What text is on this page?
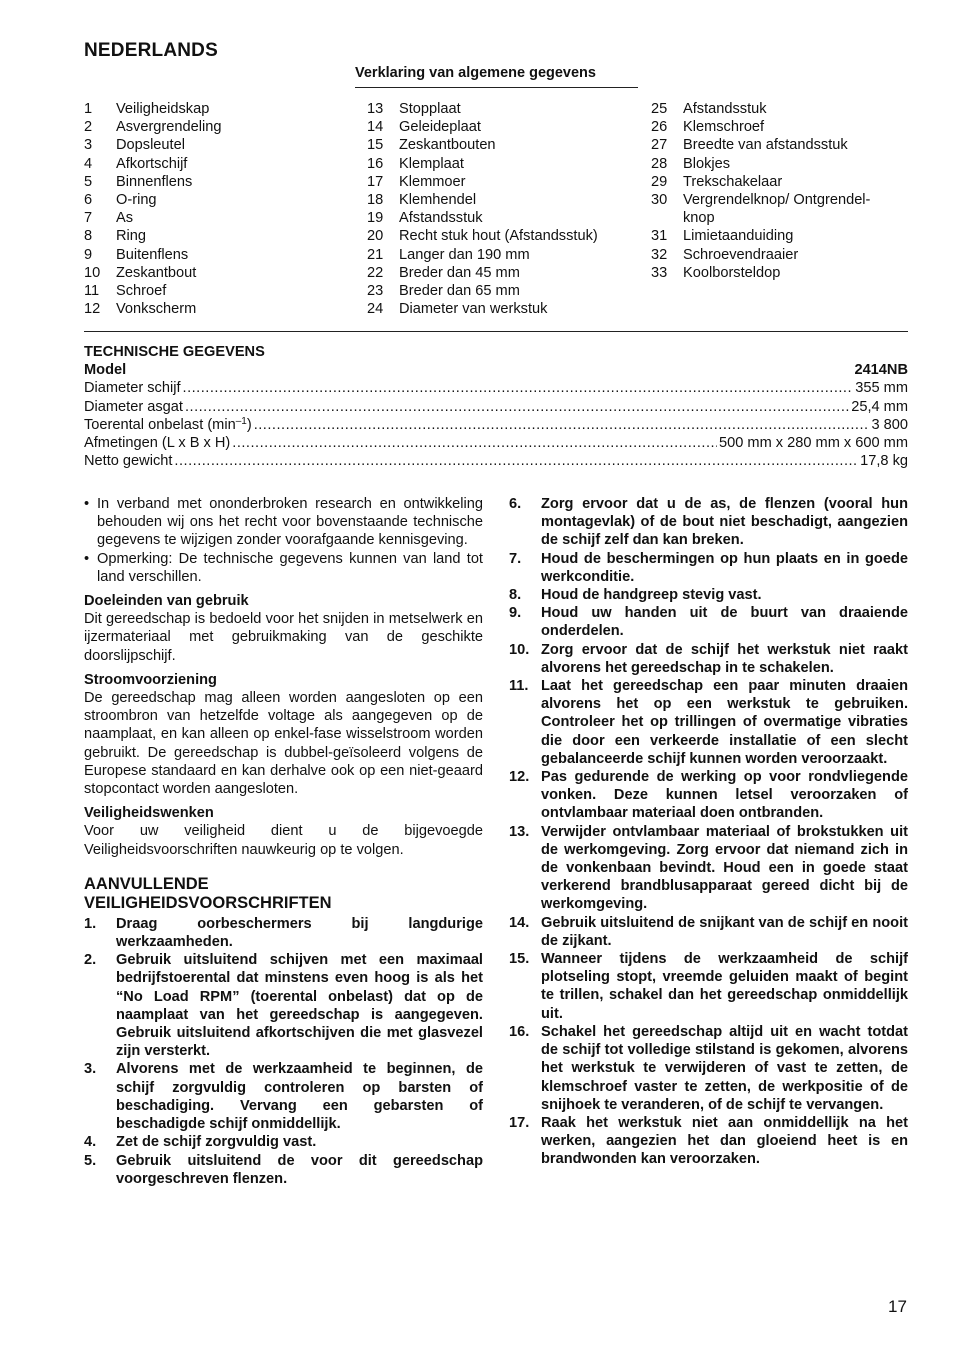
NEDERLANDS
Verklaring van algemene gegevens
1	Veiligheidskap
2	Asvergrendeling
3	Dopsleutel
4	Afkortschijf
5	Binnenflens
6	O-ring
7	As
8	Ring
9	Buitenflens
10	Zeskantbout
11	Schroef
12	Vonkscherm
13	Stopplaat
14	Geleideplaat
15	Zeskantbouten
16	Klemplaat
17	Klemmoer
18	Klemhendel
19	Afstandsstuk
20	Recht stuk hout (Afstandsstuk)
21	Langer dan 190 mm
22	Breder dan 45 mm
23	Breder dan 65 mm
24	Diameter van werkstuk
25	Afstandsstuk
26	Klemschroef
27	Breedte van afstandsstuk
28	Blokjes
29	Trekschakelaar
30	Vergrendelknop/ Ontgrendel-knop
31	Limietaanduiding
32	Schroevendraaier
33	Koolborsteldop
TECHNISCHE GEGEVENS
Model	2414NB
Diameter schijf .....	355 mm
Diameter asgat .....	25,4 mm
Toerental onbelast $(\min^{-1})$ .....	3 800
Afmetingen (L x B x H) .....	500 mm x 280 mm x 600 mm
Netto gewicht .....	17,8 kg
• In verband met ononderbroken research en ontwikkeling behouden wij ons het recht voor bovenstaande technische gegevens te wijzigen zonder voorafgaande kennisgeving.
• Opmerking: De technische gegevens kunnen van land tot land verschillen.
Doeleinden van gebruik

Dit gereedschap is bedoeld voor het snijden in metselwerk en ijzermateriaal met gebruikmaking van de geschikte doorslijpschijf.

Stroomvoorziening

De gereedschap mag alleen worden aangesloten op een stroombron van hetzelfde voltage als aangegeven op de naamplaat, en kan alleen op enkel-fase wisselstroom worden gebruikt. De gereedschap is dubbel-geïsoleerd volgens de Europese standaard en kan derhalve ook op een niet-geaard stopcontact worden aangesloten.

Veiligheidswenken

Voor uw veiligheid dient u de bijgevoegde Veiligheidsvoorschriften nauwkeurig op te volgen.

AANVULLENDE
VEILIGHEIDSVOORSCHRIFTEN
1.	Draag oorbeschermers bij langdurige werkzaamheden.
2.	Gebruik uitsluitend schijven met een maximaal bedrijfstoerental dat minstens even hoog is als het “No Load RPM” (toerental onbelast) dat op de naamplaat van het gereedschap is aangegeven. Gebruik uitsluitend afkortschijven die met glasvezel zijn versterkt.
3.	Alvorens met de werkzaamheid te beginnen, de schijf zorgvuldig controleren op barsten of beschadiging. Vervang een gebarsten of beschadigde schijf onmiddellijk.
4.	Zet de schijf zorgvuldig vast.
5.	Gebruik uitsluitend de voor dit gereedschap voorgeschreven flenzen.
6.	Zorg ervoor dat u de as, de flenzen (vooral hun montagevlak) of de bout niet beschadigt, aangezien de schijf zelf dan kan breken.
7.	Houd de beschermingen op hun plaats en in goede werkconditie.
8.	Houd de handgreep stevig vast.
9.	Houd uw handen uit de buurt van draaiende onderdelen.
10. Zorg ervoor dat de schijf het werkstuk niet raakt alvorens het gereedschap in te schakelen.
11. Laat het gereedschap een paar minuten draaien alvorens het op een werkstuk te gebruiken. Controleer het op trillingen of overmatige vibraties die door een verkeerde installatie of een slecht gebalanceerde schijf kunnen worden veroorzaakt.
12. Pas gedurende de werking op voor rondvliegende vonken. Deze kunnen letsel veroorzaken of ontvlambaar materiaal doen ontbranden.
13. Verwijder ontvlambaar materiaal of brokstukken uit de werkomgeving. Zorg ervoor dat niemand zich in de vonkenbaan bevindt. Houd een in goede staat verkerend brandblusapparaat gereed dicht bij de werkomgeving.
14. Gebruik uitsluitend de snijkant van de schijf en nooit de zijkant.
15. Wanneer tijdens de werkzaamheid de schijf plotseling stopt, vreemde geluiden maakt of begint te trillen, schakel dan het gereedschap onmiddellijk uit.
16. Schakel het gereedschap altijd uit en wacht totdat de schijf tot volledige stilstand is gekomen, alvorens het werkstuk te verwijderen of vast te zetten, de klemschroef vaster te zetten, de werkpositie of de snijhoek te veranderen, of de schijf te vervangen.
17. Raak het werkstuk niet aan onmiddellijk na het werken, aangezien het dan gloeiend heet is en brandwonden kan veroorzaken.
17
